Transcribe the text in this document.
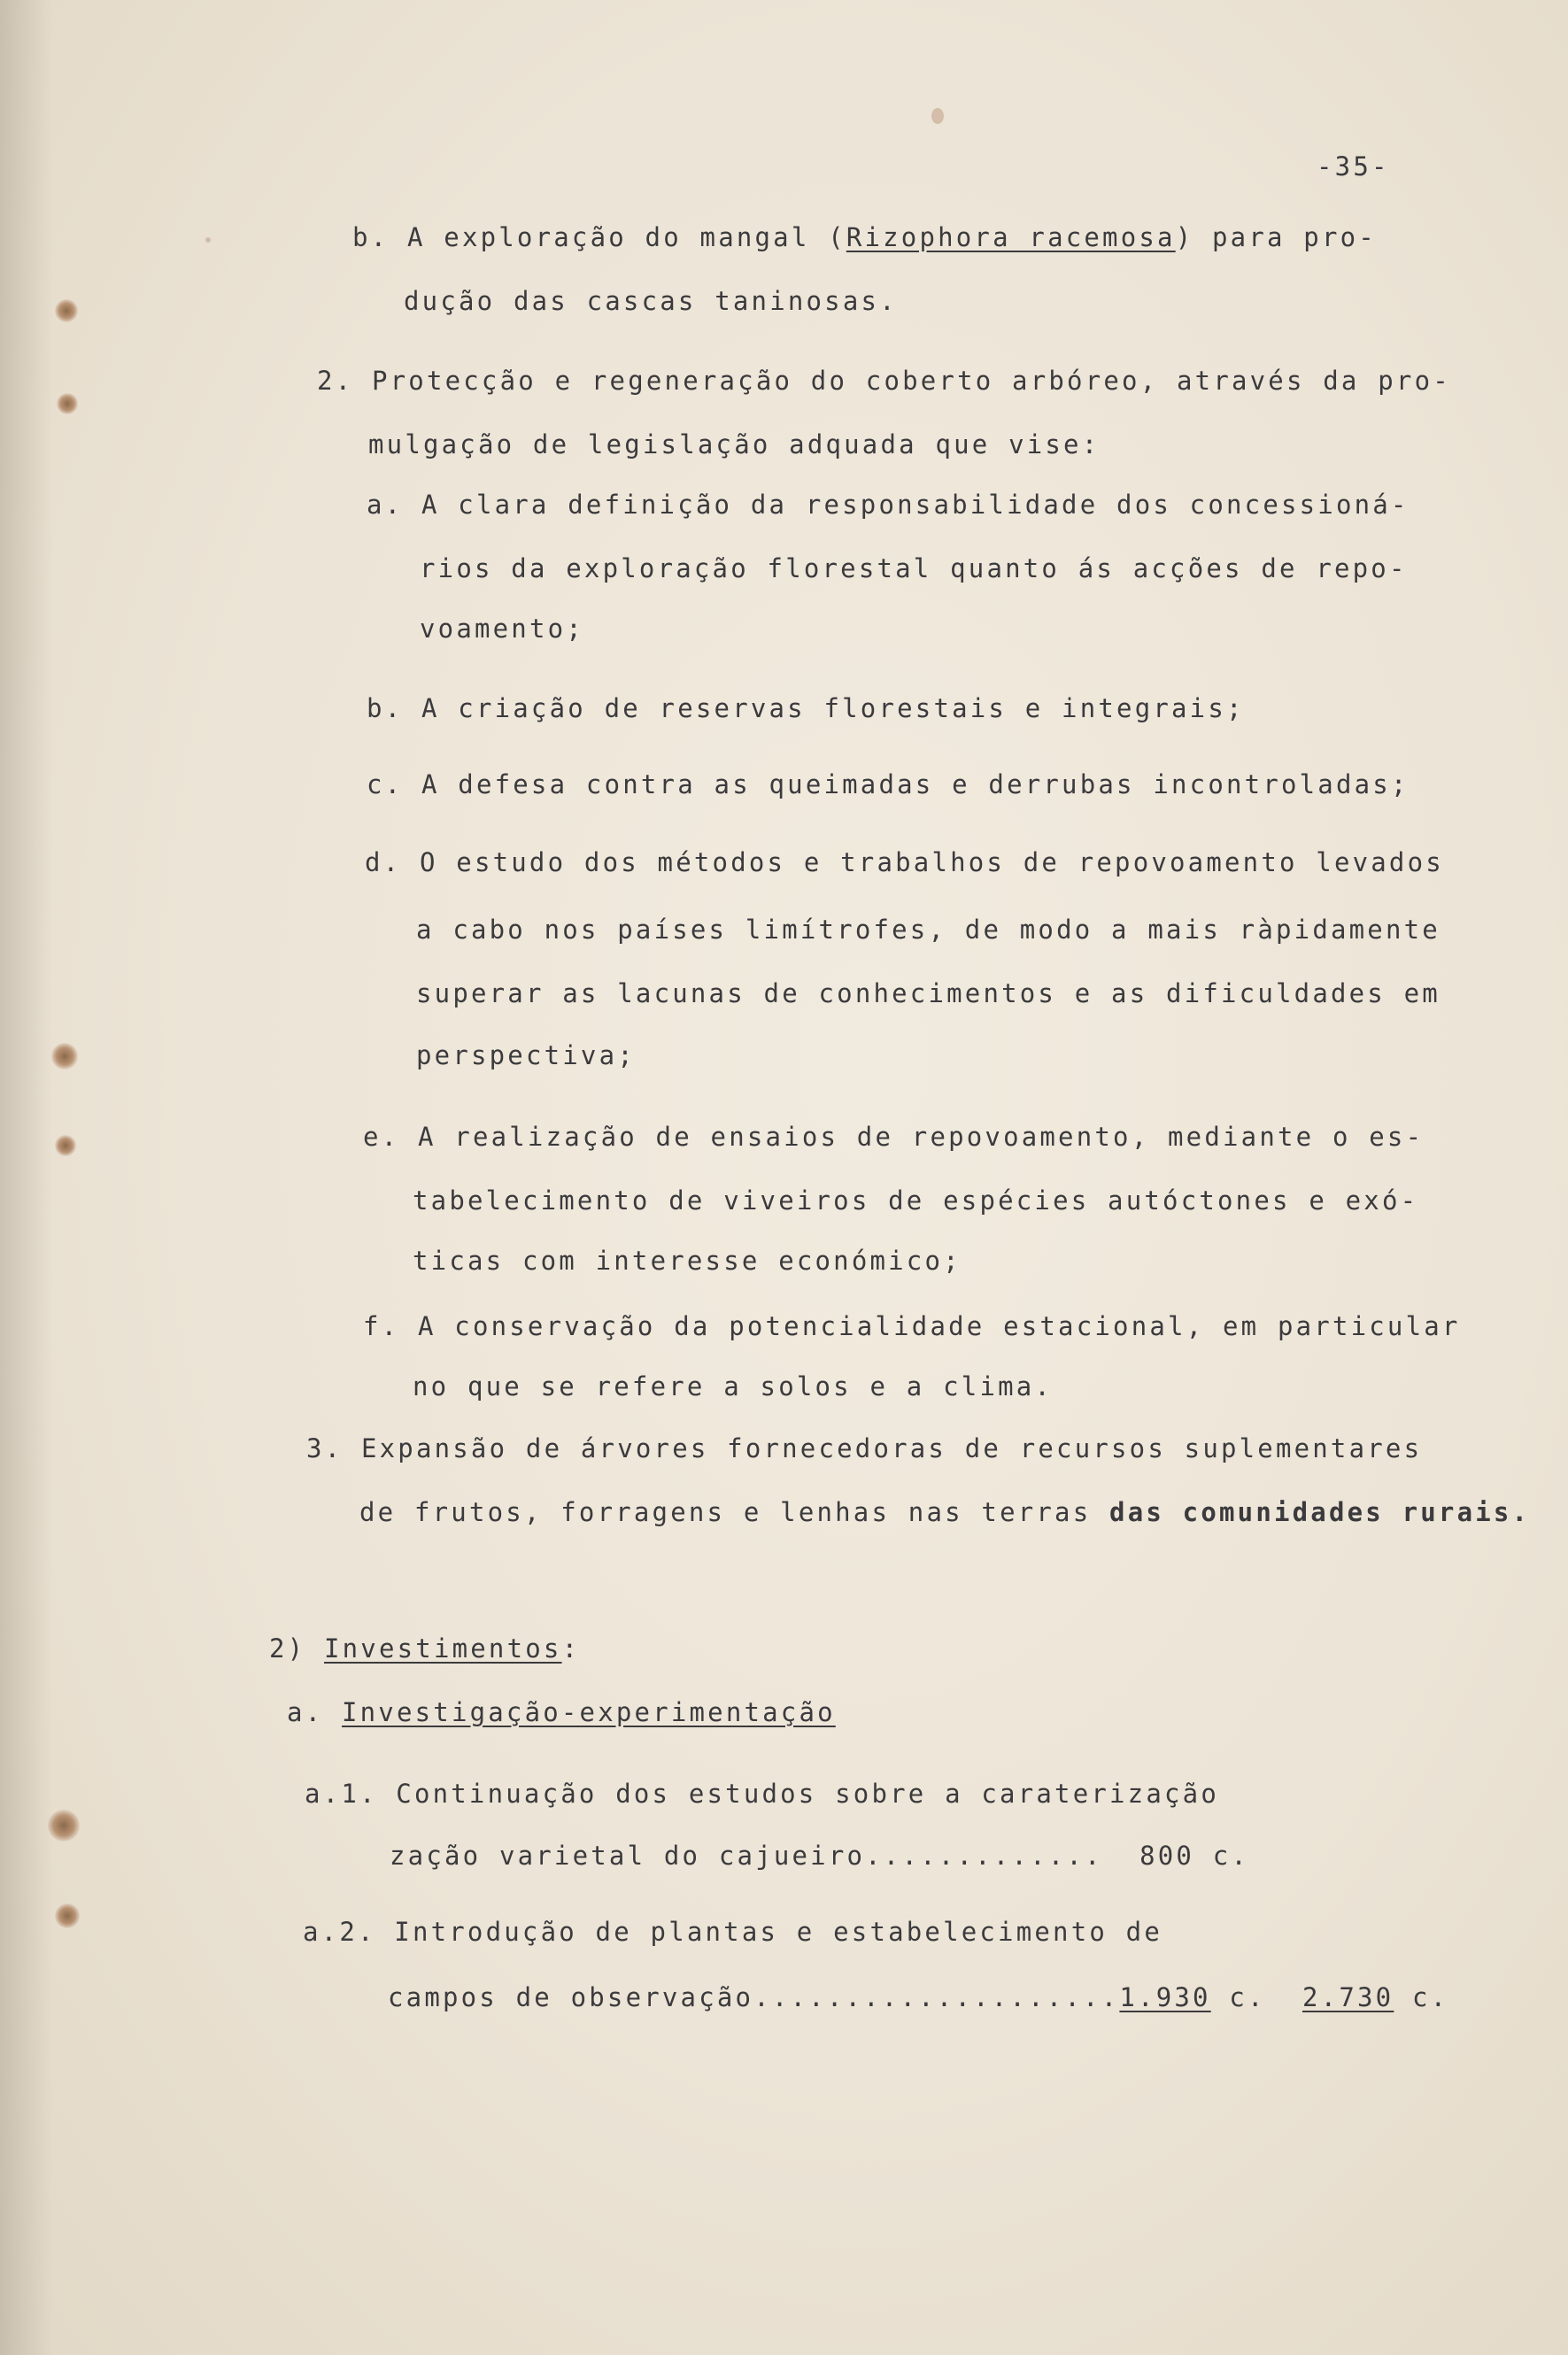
-35-
b. A exploração do mangal (Rizophora racemosa) para pro-
dução das cascas taninosas.
2. Protecção e regeneração do coberto arbóreo, através da pro-
mulgação de legislação adquada que vise:
a. A clara definição da responsabilidade dos concessioná-
rios da exploração florestal quanto ás acções de repo-
voamento;
b. A criação de reservas florestais e integrais;
c. A defesa contra as queimadas e derrubas incontroladas;
d. O estudo dos métodos e trabalhos de repovoamento levados
a cabo nos países limítrofes, de modo a mais ràpidamente
superar as lacunas de conhecimentos e as dificuldades em
perspectiva;
e. A realização de ensaios de repovoamento, mediante o es-
tabelecimento de viveiros de espécies autóctones e exó-
ticas com interesse económico;
f. A conservação da potencialidade estacional, em particular
no que se refere a solos e a clima.
3. Expansão de árvores fornecedoras de recursos suplementares
de frutos, forragens e lenhas nas terras das comunidades rurais.
2) Investimentos:
a. Investigação-experimentação
a.1. Continuação dos estudos sobre a caraterização
zação varietal do cajueiro............. 800 c.
a.2. Introdução de plantas e estabelecimento de
campos de observação....................1.930 c. 2.730 c.
